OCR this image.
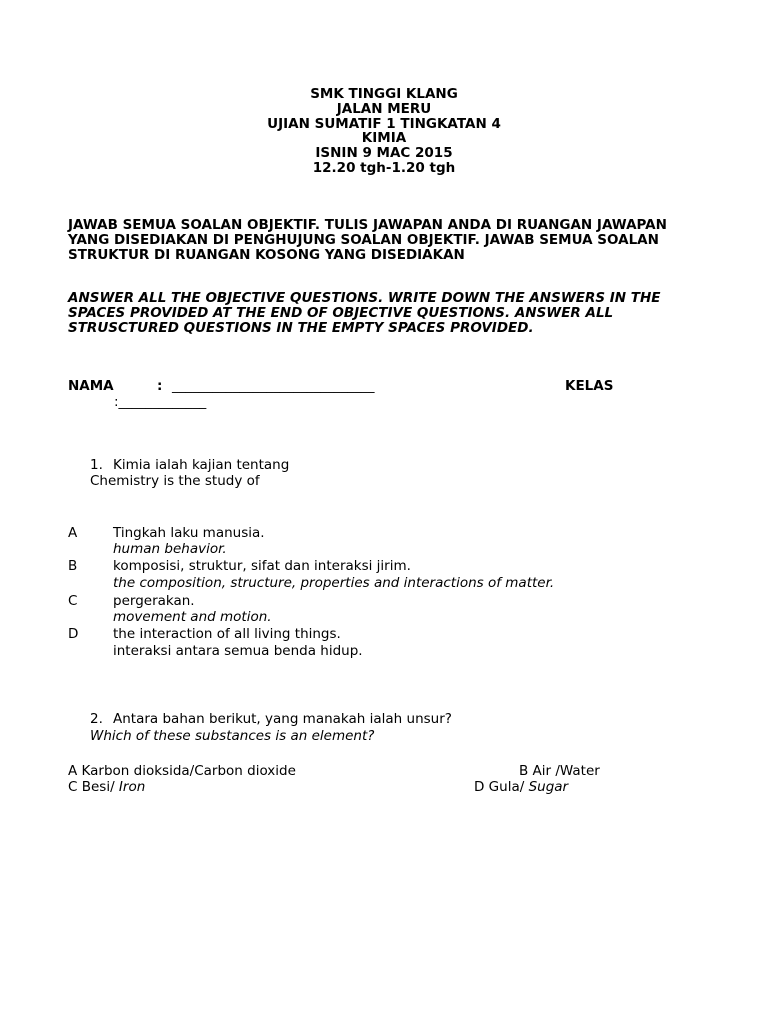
SMK TINGGI KLANG
JALAN MERU
UJIAN SUMATIF 1 TINGKATAN 4
KIMIA
ISNIN 9 MAC 2015
12.20 tgh-1.20 tgh
JAWAB SEMUA SOALAN OBJEKTIF. TULIS JAWAPAN ANDA DI RUANGAN JAWAPAN YANG DISEDIAKAN DI PENGHUJUNG SOALAN OBJEKTIF. JAWAB SEMUA SOALAN STRUKTUR DI RUANGAN KOSONG YANG DISEDIAKAN
ANSWER ALL THE OBJECTIVE QUESTIONS. WRITE DOWN THE ANSWERS IN THE SPACES PROVIDED AT THE END OF OBJECTIVE QUESTIONS. ANSWER ALL STRUSCTURED QUESTIONS IN THE EMPTY SPACES PROVIDED.
NAMA	: ______________________________	KELAS
:_____________
1. Kimia ialah kajian tentang
Chemistry is the study of
A	Tingkah laku manusia.
human behavior.
B	komposisi, struktur, sifat dan interaksi jirim.
the composition, structure, properties and interactions of matter.
C	pergerakan.
movement and motion.
D	the interaction of all living things.
interaksi antara semua benda hidup.
2. Antara bahan berikut, yang manakah ialah unsur?
Which of these substances is an element?
A Karbon dioksida/Carbon dioxide	B Air /Water
C Besi/ Iron	D Gula/ Sugar
